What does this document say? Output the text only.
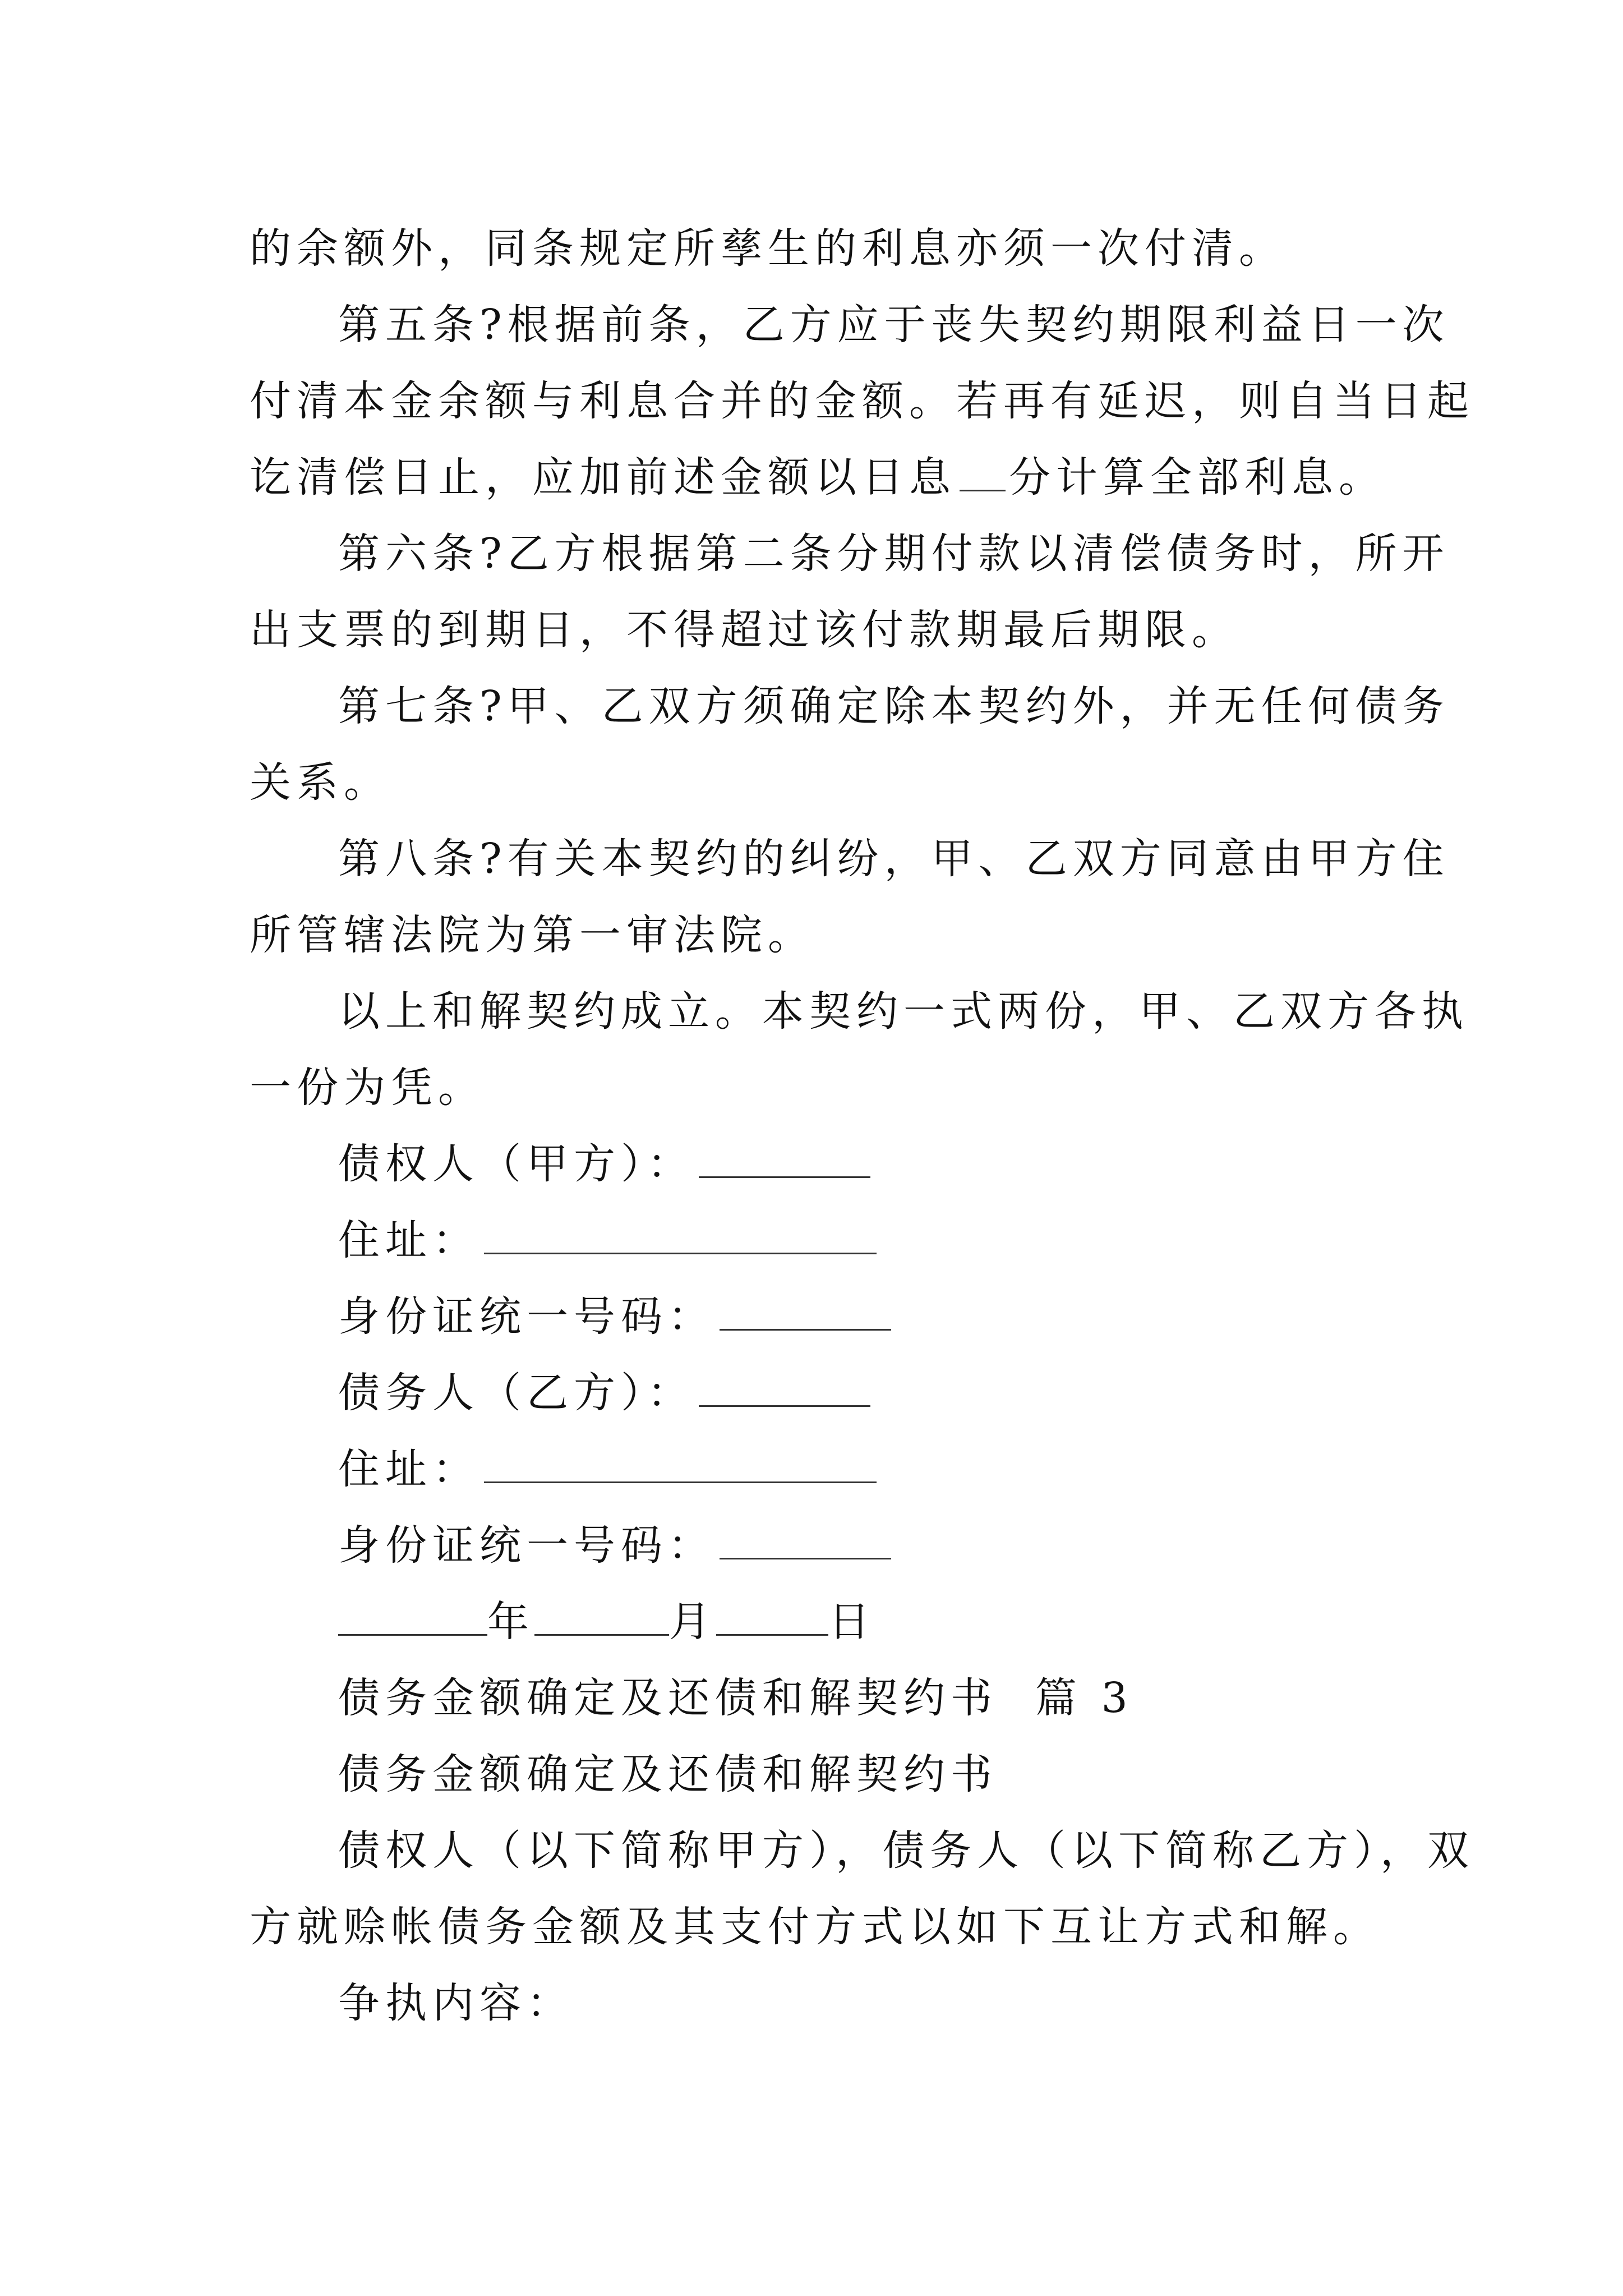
的余额外，同条规定所孳生的利息亦须一次付清。
第五条?根据前条，乙方应于丧失契约期限利益日一次
付清本金余额与利息合并的金额。若再有延迟，则自当日起
讫清偿日止，应加前述金额以日息 分计算全部利息。
第六条?乙方根据第二条分期付款以清偿债务时，所开
出支票的到期日，不得超过该付款期最后期限。
第七条?甲、乙双方须确定除本契约外，并无任何债务
关系。
第八条?有关本契约的纠纷，甲、乙双方同意由甲方住
所管辖法院为第一审法院。
以上和解契约成立。本契约一式两份，甲、乙双方各执
一份为凭。
债权人（甲方）：
住址：
身份证统一号码：
债务人（乙方）：
住址：
身份证统一号码：
年	月	日
债务金额确定及还债和解契约书  篇 3
债务金额确定及还债和解契约书
债权人（以下简称甲方），债务人（以下简称乙方），双
方就赊帐债务金额及其支付方式以如下互让方式和解。
争执内容：
